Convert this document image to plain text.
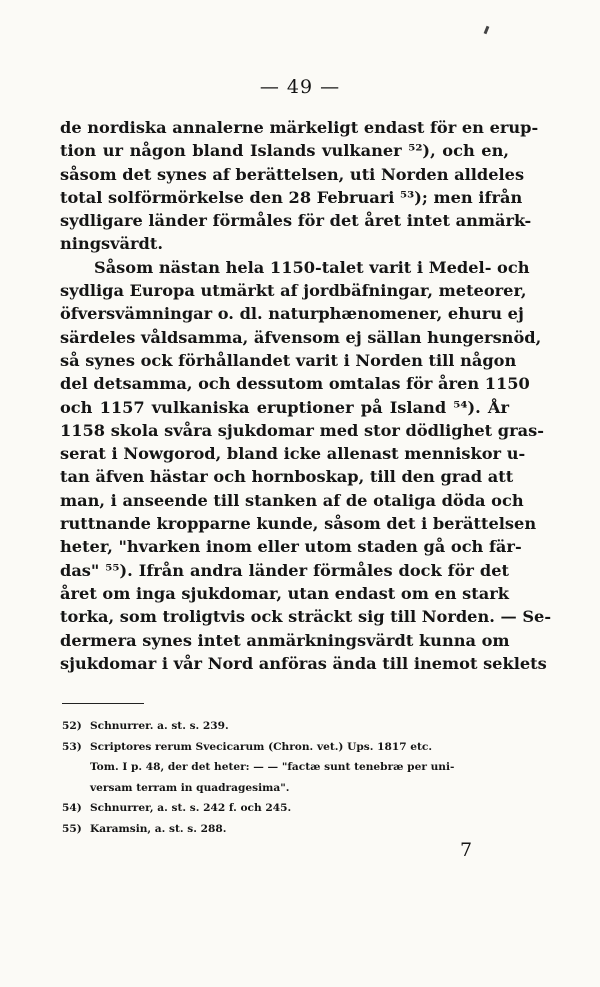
— 49 —
de nordiska annalerne märkeligt endast för en erup-
tion ur någon bland Islands vulkaner ⁵²), och en,
såsom det synes af berättelsen, uti Norden alldeles
total solförmörkelse den 28 Februari ⁵³); men ifrån
sydligare länder förmåles för det året intet anmärk-
ningsvärdt.
Såsom nästan hela 1150-talet varit i Medel- och
sydliga Europa utmärkt af jordbäfningar, meteorer,
öfversvämningar o. dl. naturphænomener, ehuru ej
särdeles våldsamma, äfvensom ej sällan hungersnöd,
så synes ock förhållandet varit i Norden till någon
del detsamma, och dessutom omtalas för åren 1150
och 1157 vulkaniska eruptioner på Island ⁵⁴). År
1158 skola svåra sjukdomar med stor dödlighet gras-
serat i Nowgorod, bland icke allenast menniskor u-
tan äfven hästar och hornboskap, till den grad att
man, i anseende till stanken af de otaliga döda och
ruttnande kropparne kunde, såsom det i berättelsen
heter, "hvarken inom eller utom staden gå och fär-
das" ⁵⁵). Ifrån andra länder förmåles dock för det
året om inga sjukdomar, utan endast om en stark
torka, som troligtvis ock sträckt sig till Norden. — Se-
dermera synes intet anmärkningsvärdt kunna om
sjukdomar i vår Nord anföras ända till inemot seklets
52) Schnurrer. a. st. s. 239.
53) Scriptores rerum Svecicarum (Chron. vet.) Ups. 1817 etc.
Tom. I p. 48, der det heter: — — "factæ sunt tenebræ per uni-
versam terram in quadragesima".
54) Schnurrer, a. st. s. 242 f. och 245.
55) Karamsin, a. st. s. 288.
7
